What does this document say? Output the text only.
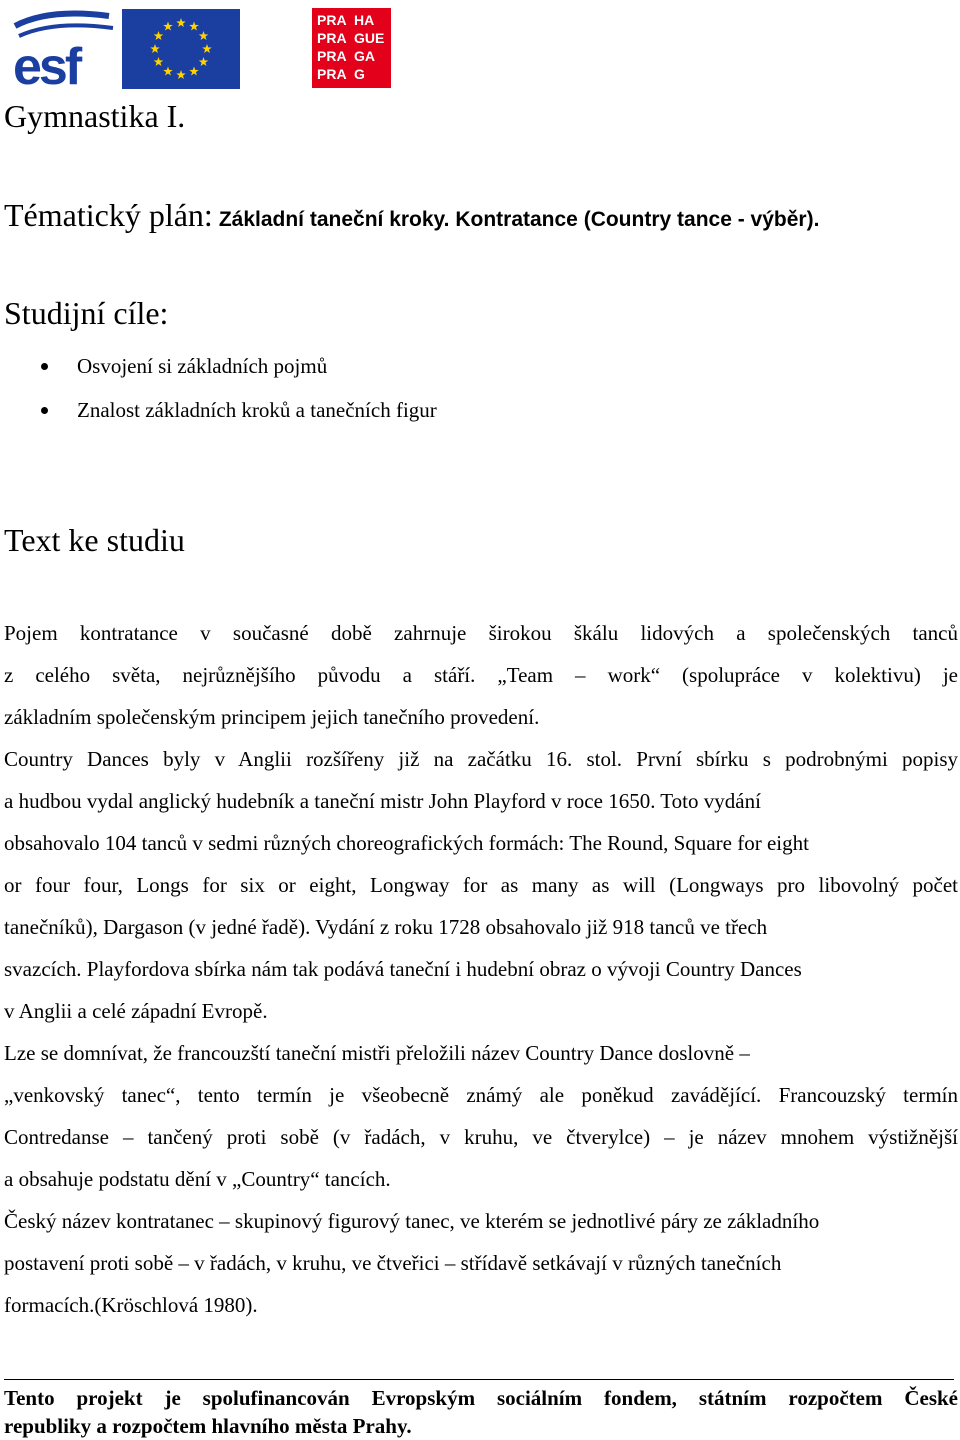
esf
PRA HA
PRA GUE
PRA GA
PRA G
Gymnastika I.
Tématický plán: Základní taneční kroky. Kontratance (Country tance - výběr).
Studijní cíle:
Osvojení si základních pojmů
Znalost základních kroků a tanečních figur
Text ke studiu
Pojem kontratance v současné době zahrnuje širokou škálu lidových a společenských tanců
z celého světa, nejrůznějšího původu a stáří. „Team – work“ (spolupráce v kolektivu) je
základním společenským principem jejich tanečního provedení.
Country Dances byly v Anglii rozšířeny již na začátku 16. stol. První sbírku s podrobnými popisy
a hudbou vydal anglický hudebník a taneční mistr John Playford v roce 1650. Toto vydání
obsahovalo 104 tanců v sedmi různých choreografických formách: The Round, Square for eight
or four four, Longs for six or eight, Longway for as many as will (Longways pro libovolný počet
tanečníků), Dargason (v jedné řadě). Vydání z roku 1728 obsahovalo již 918 tanců ve třech
svazcích. Playfordova sbírka nám tak podává taneční i hudební obraz o vývoji Country Dances
v Anglii a celé západní Evropě.
Lze se domnívat, že francouzští taneční mistři přeložili název Country Dance doslovně –
„venkovský tanec“, tento termín je všeobecně známý ale poněkud zavádějící. Francouzský termín
Contredanse – tančený proti sobě (v řadách, v kruhu, ve čtverylce) – je název mnohem výstižnější
a obsahuje podstatu dění v „Country“ tancích.
Český název kontratanec – skupinový figurový tanec, ve kterém se jednotlivé páry ze základního
postavení proti sobě – v řadách, v kruhu, ve čtveřici – střídavě setkávají v různých tanečních
formacích.(Kröschlová 1980).
Tento projekt je spolufinancován Evropským sociálním fondem, státním rozpočtem České
republiky a rozpočtem hlavního města Prahy.
